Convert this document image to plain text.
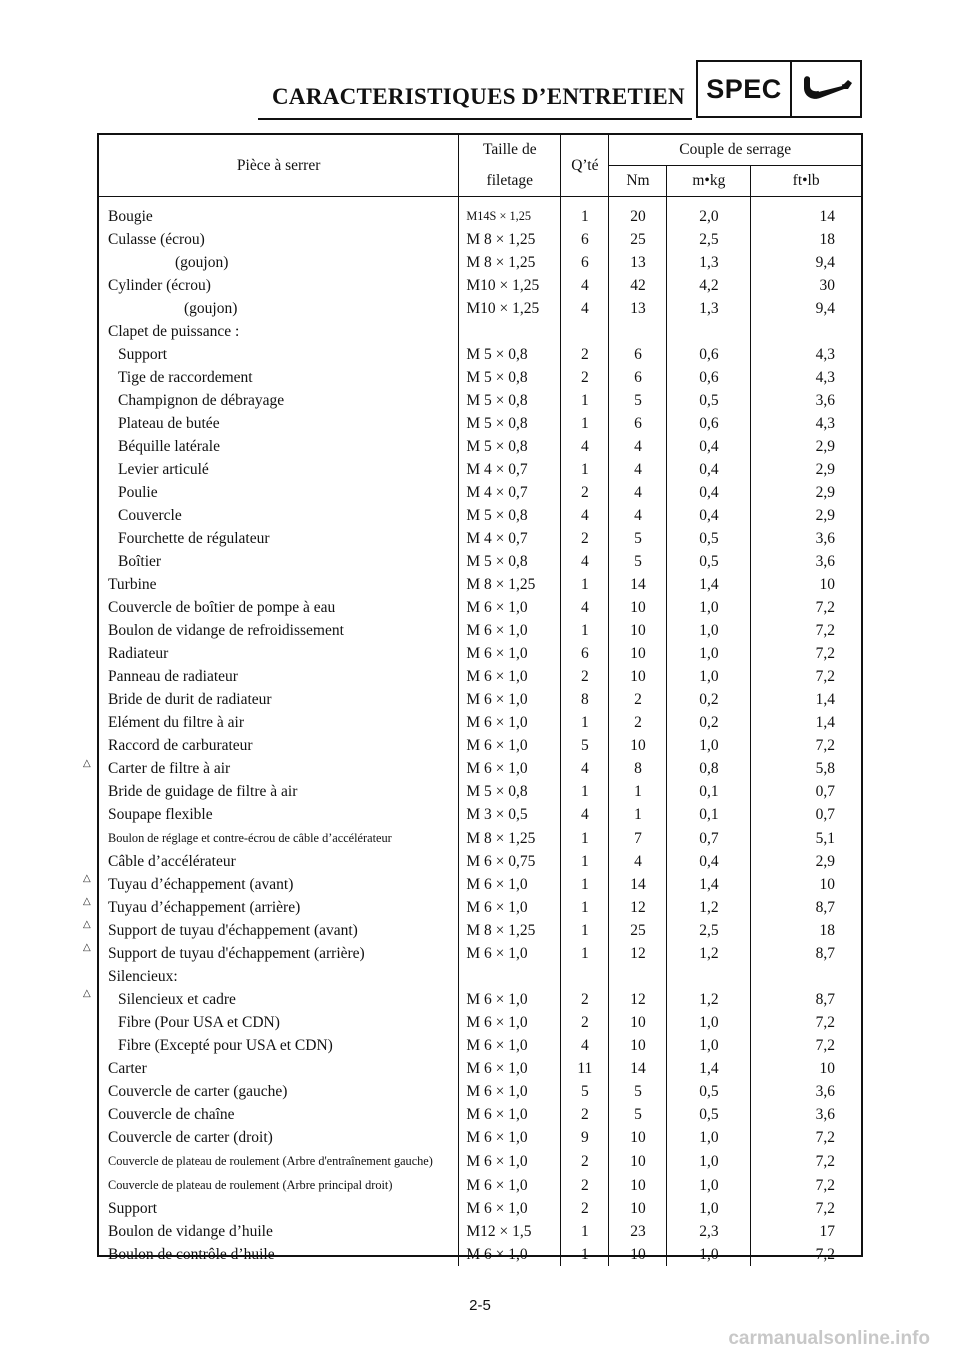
CARACTERISTIQUES D’ENTRETIEN SPEC
Pièce à serrer	Taille de	Q’té	Couple de serrage		
	filetage		Nm	m•kg	ft•lb
Bougie	M14S × 1,25	1	20	2,0	14
Culasse (écrou)	M 8 × 1,25	6	25	2,5	18
(goujon)	M 8 × 1,25	6	13	1,3	9,4
Cylinder (écrou)	M10 × 1,25	4	42	4,2	30
(goujon)	M10 × 1,25	4	13	1,3	9,4
Clapet de puissance :					
Support	M 5 × 0,8	2	6	0,6	4,3
Tige de raccordement	M 5 × 0,8	2	6	0,6	4,3
Champignon de débrayage	M 5 × 0,8	1	5	0,5	3,6
Plateau de butée	M 5 × 0,8	1	6	0,6	4,3
Béquille latérale	M 5 × 0,8	4	4	0,4	2,9
Levier articulé	M 4 × 0,7	1	4	0,4	2,9
Poulie	M 4 × 0,7	2	4	0,4	2,9
Couvercle	M 5 × 0,8	4	4	0,4	2,9
Fourchette de régulateur	M 4 × 0,7	2	5	0,5	3,6
Boîtier	M 5 × 0,8	4	5	0,5	3,6
Turbine	M 8 × 1,25	1	14	1,4	10
Couvercle de boîtier de pompe à eau	M 6 × 1,0	4	10	1,0	7,2
Boulon de vidange de refroidissement	M 6 × 1,0	1	10	1,0	7,2
Radiateur	M 6 × 1,0	6	10	1,0	7,2
Panneau de radiateur	M 6 × 1,0	2	10	1,0	7,2
Bride de durit de radiateur	M 6 × 1,0	8	2	0,2	1,4
Elément du filtre à air	M 6 × 1,0	1	2	0,2	1,4
Raccord de carburateur	M 6 × 1,0	5	10	1,0	7,2
Carter de filtre à air	M 6 × 1,0	4	8	0,8	5,8
Bride de guidage de filtre à air	M 5 × 0,8	1	1	0,1	0,7
Soupape flexible	M 3 × 0,5	4	1	0,1	0,7
Boulon de réglage et contre-écrou de câble d’accélérateur	M 8 × 1,25	1	7	0,7	5,1
Câble d’accélérateur	M 6 × 0,75	1	4	0,4	2,9
Tuyau d’échappement (avant)	M 6 × 1,0	1	14	1,4	10
Tuyau d’échappement (arrière)	M 6 × 1,0	1	12	1,2	8,7
Support de tuyau d'échappement (avant)	M 8 × 1,25	1	25	2,5	18
Support de tuyau d'échappement (arrière)	M 6 × 1,0	1	12	1,2	8,7
Silencieux:					
Silencieux et cadre	M 6 × 1,0	2	12	1,2	8,7
Fibre (Pour USA et CDN)	M 6 × 1,0	2	10	1,0	7,2
Fibre (Excepté pour USA et CDN)	M 6 × 1,0	4	10	1,0	7,2
Carter	M 6 × 1,0	11	14	1,4	10
Couvercle de carter (gauche)	M 6 × 1,0	5	5	0,5	3,6
Couvercle de chaîne	M 6 × 1,0	2	5	0,5	3,6
Couvercle de carter (droit)	M 6 × 1,0	9	10	1,0	7,2
Couvercle de plateau de roulement (Arbre d'entraînement gauche)	M 6 × 1,0	2	10	1,0	7,2
Couvercle de plateau de roulement (Arbre principal droit)	M 6 × 1,0	2	10	1,0	7,2
Support	M 6 × 1,0	2	10	1,0	7,2
Boulon de vidange d’huile	M12 × 1,5	1	23	2,3	17
Boulon de contrôle d’huile	M 6 × 1,0	1	10	1,0	7,2
△
△
△
△
△
△
2-5
carmanualsonline.info
